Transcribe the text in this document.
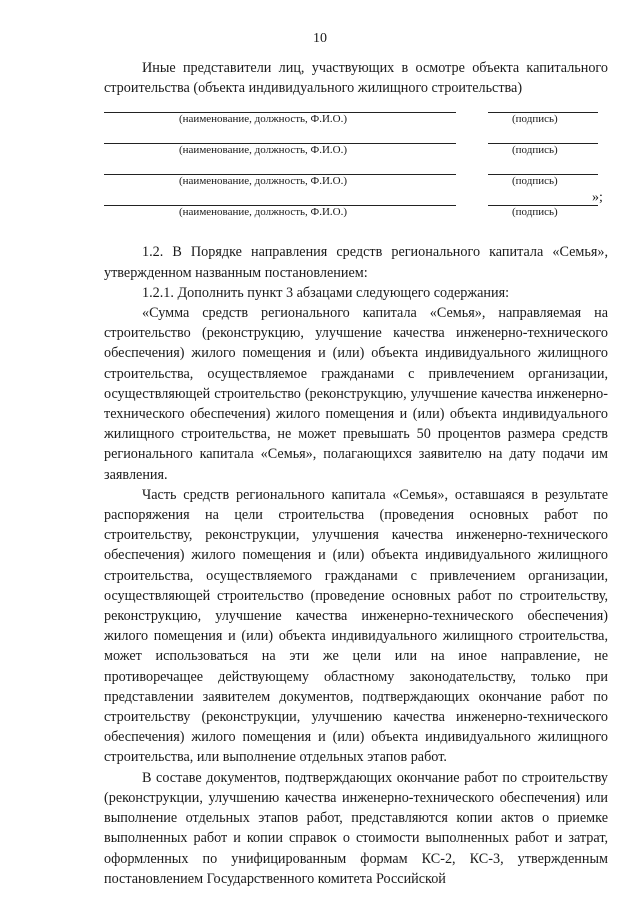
10

Иные представители лиц, участвующих в осмотре объекта капитального строительства (объекта индивидуального жилищного строительства)

(наименование, должность, Ф.И.О.)	(подпись)
(наименование, должность, Ф.И.О.)	(подпись)
(наименование, должность, Ф.И.О.)	(подпись)
»;
(наименование, должность, Ф.И.О.)	(подпись)

1.2. В Порядке направления средств регионального капитала «Семья», утвержденном названным постановлением:

1.2.1. Дополнить пункт 3 абзацами следующего содержания:

«Сумма средств регионального капитала «Семья», направляемая на строительство (реконструкцию, улучшение качества инженерно-технического обеспечения) жилого помещения и (или) объекта индивидуального жилищного строительства, осуществляемое гражданами с привлечением организации, осуществляющей строительство (реконструкцию, улучшение качества инженерно-технического обеспечения) жилого помещения и (или) объекта индивидуального жилищного строительства, не может превышать 50 процентов размера средств регионального капитала «Семья», полагающихся заявителю на дату подачи им заявления.

Часть средств регионального капитала «Семья», оставшаяся в результате распоряжения на цели строительства (проведения основных работ по строительству, реконструкции, улучшения качества инженерно-технического обеспечения) жилого помещения и (или) объекта индивидуального жилищного строительства, осуществляемого гражданами с привлечением организации, осуществляющей строительство (проведение основных работ по строительству, реконструкцию, улучшение качества инженерно-технического обеспечения) жилого помещения и (или) объекта индивидуального жилищного строительства, может использоваться на эти же цели или на иное направление, не противоречащее действующему областному законодательству, только при представлении заявителем документов, подтверждающих окончание работ по строительству (реконструкции, улучшению качества инженерно-технического обеспечения) жилого помещения и (или) объекта индивидуального жилищного строительства, или выполнение отдельных этапов работ.

В составе документов, подтверждающих окончание работ по строительству (реконструкции, улучшению качества инженерно-технического обеспечения) или выполнение отдельных этапов работ, представляются копии актов о приемке выполненных работ и копии справок о стоимости выполненных работ и затрат, оформленных по унифицированным формам КС-2, КС-3, утвержденным постановлением Государственного комитета Российской
